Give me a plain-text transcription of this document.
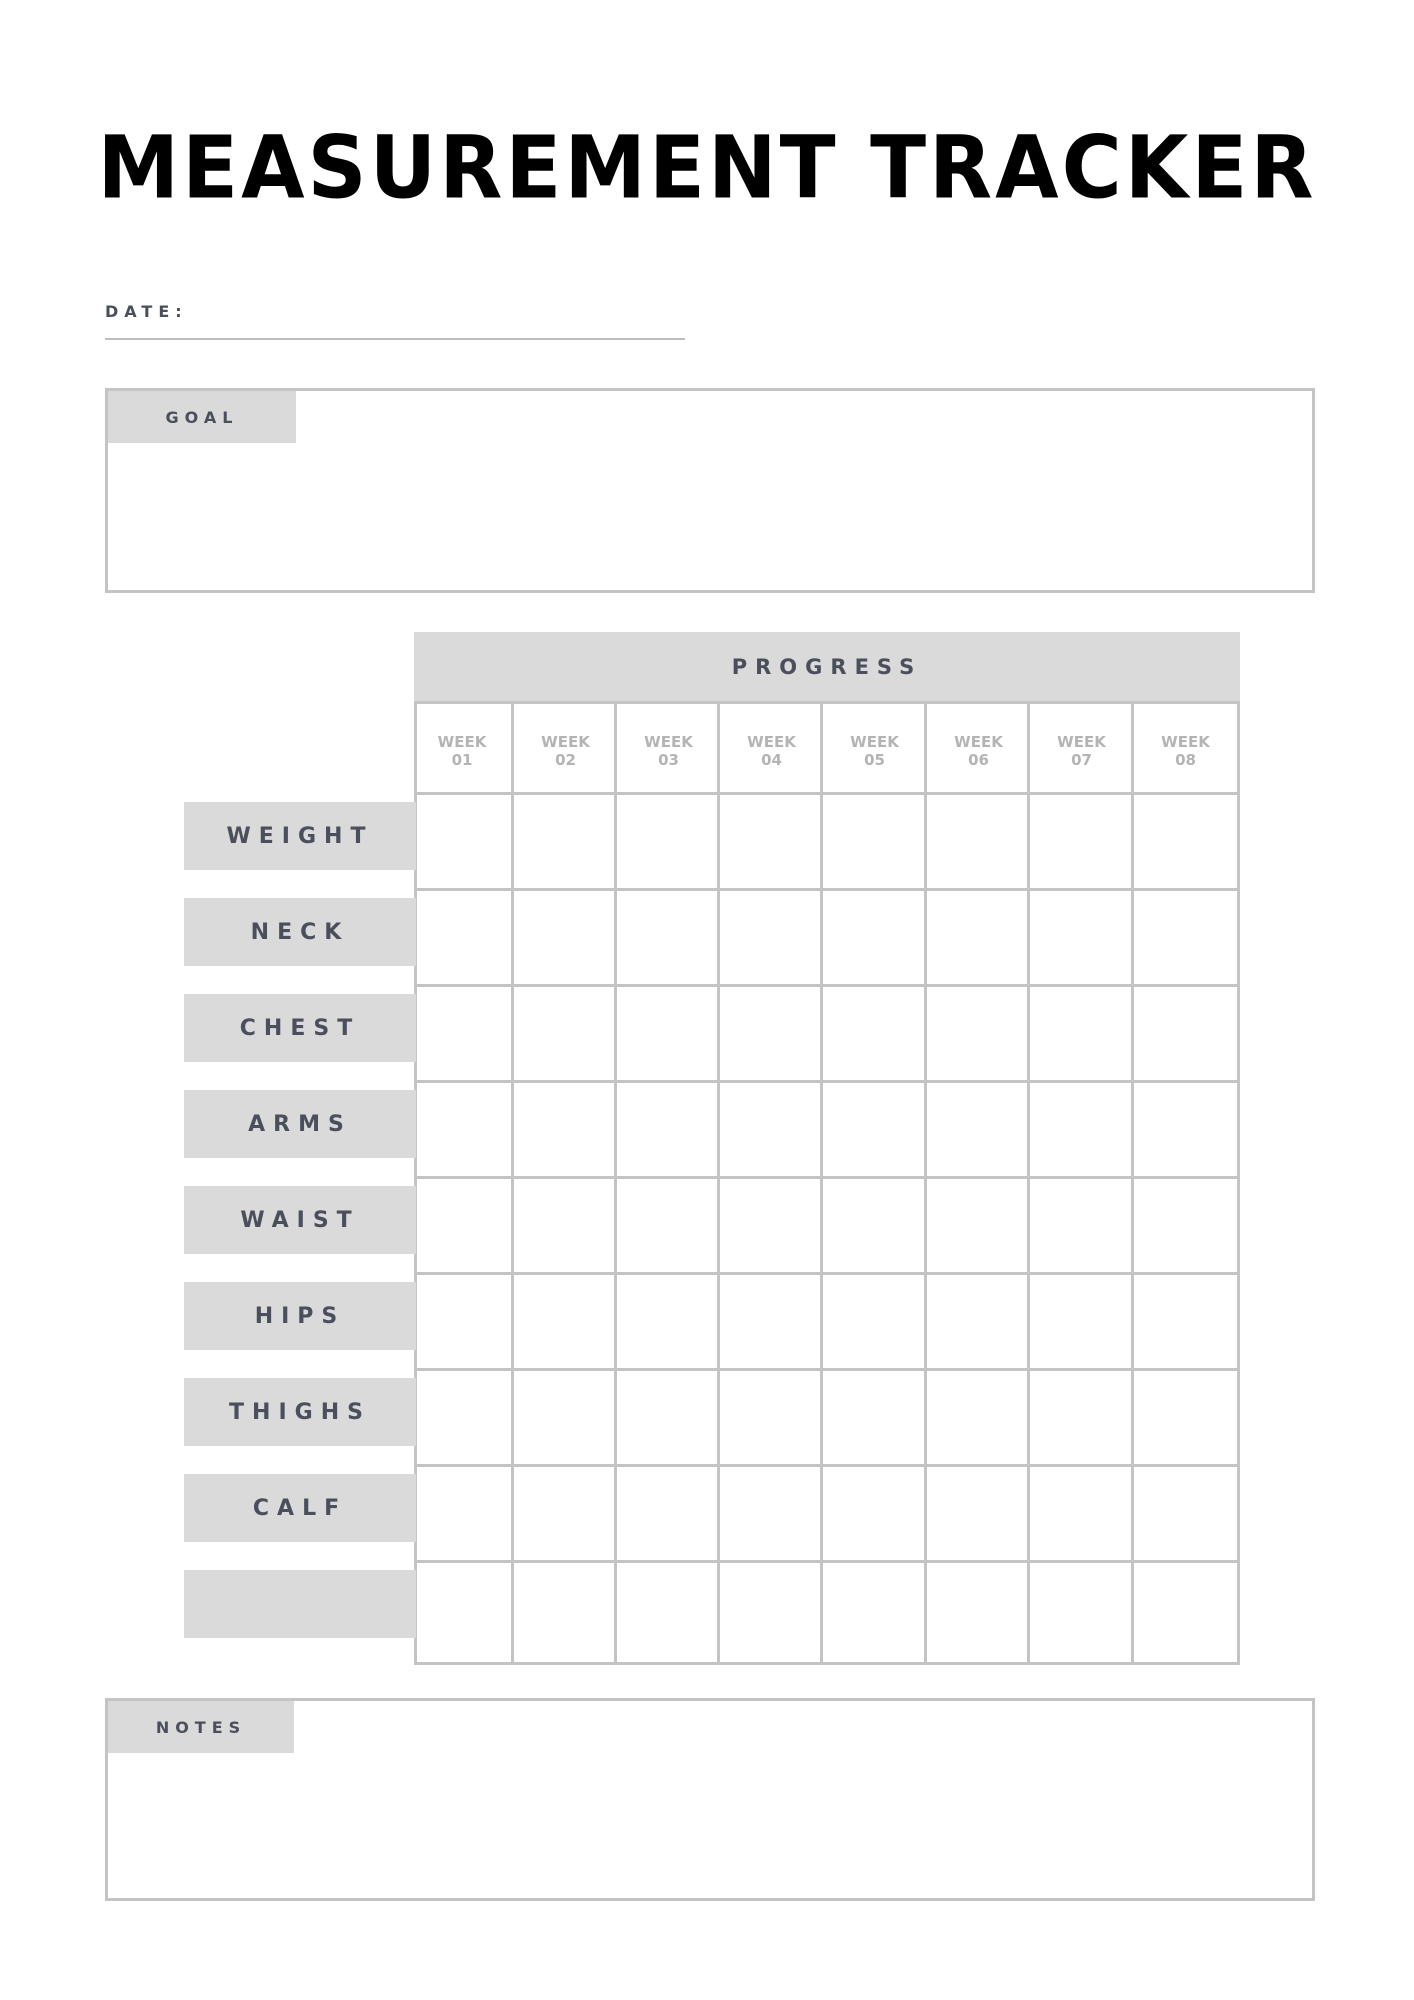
MEASUREMENT TRACKER
DATE:
GOAL
PROGRESS
WEEK
01
WEEK
02
WEEK
03
WEEK
04
WEEK
05
WEEK
06
WEEK
07
WEEK
08
WEIGHT
NECK
CHEST
ARMS
WAIST
HIPS
THIGHS
CALF
NOTES
